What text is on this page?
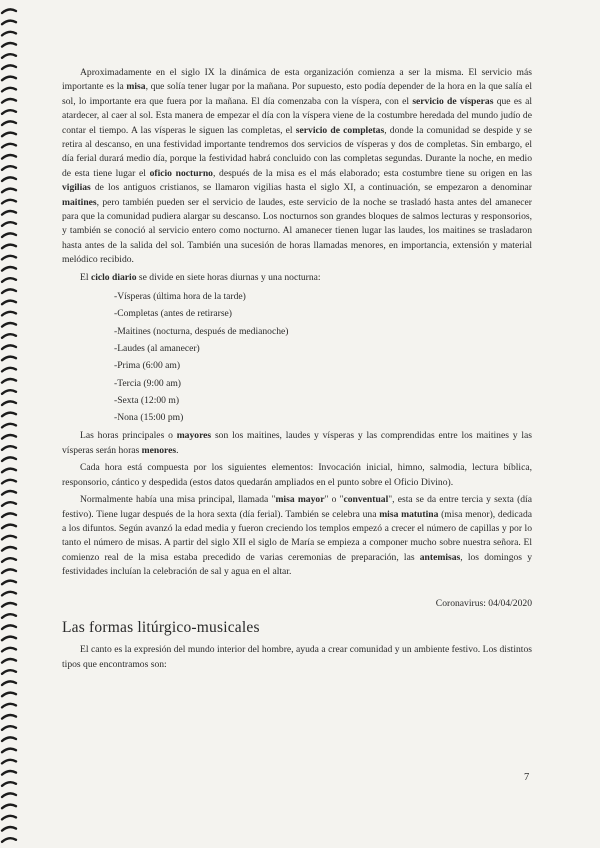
Aproximadamente en el siglo IX la dinámica de esta organización comienza a ser la misma. El servicio más importante es la misa, que solía tener lugar por la mañana. Por supuesto, esto podía depender de la hora en la que salía el sol, lo importante era que fuera por la mañana. El día comenzaba con la víspera, con el servicio de vísperas que es al atardecer, al caer al sol. Esta manera de empezar el día con la víspera viene de la costumbre heredada del mundo judío de contar el tiempo. A las vísperas le siguen las completas, el servicio de completas, donde la comunidad se despide y se retira al descanso, en una festividad importante tendremos dos servicios de vísperas y dos de completas. Sin embargo, el día ferial durará medio día, porque la festividad habrá concluido con las completas segundas. Durante la noche, en medio de esta tiene lugar el oficio nocturno, después de la misa es el más elaborado; esta costumbre tiene su origen en las vigilias de los antiguos cristianos, se llamaron vigilias hasta el siglo XI, a continuación, se empezaron a denominar maitines, pero también pueden ser el servicio de laudes, este servicio de la noche se trasladó hasta antes del amanecer para que la comunidad pudiera alargar su descanso. Los nocturnos son grandes bloques de salmos lecturas y responsorios, y también se conoció al servicio entero como nocturno. Al amanecer tienen lugar las laudes, los maitines se trasladaron hasta antes de la salida del sol. También una sucesión de horas llamadas menores, en importancia, extensión y material melódico recibido.

El ciclo diario se divide en siete horas diurnas y una nocturna:

-Vísperas (última hora de la tarde)
-Completas (antes de retirarse)
-Maitines (nocturna, después de medianoche)
-Laudes (al amanecer)
-Prima (6:00 am)
-Tercia (9:00 am)
-Sexta (12:00 m)
-Nona (15:00 pm)

Las horas principales o mayores son los maitines, laudes y vísperas y las comprendidas entre los maitines y las vísperas serán horas menores.

Cada hora está compuesta por los siguientes elementos: Invocación inicial, himno, salmodia, lectura bíblica, responsorio, cántico y despedida (estos datos quedarán ampliados en el punto sobre el Oficio Divino).

Normalmente había una misa principal, llamada "misa mayor" o "conventual", esta se da entre tercia y sexta (día festivo). Tiene lugar después de la hora sexta (día ferial). También se celebra una misa matutina (misa menor), dedicada a los difuntos. Según avanzó la edad media y fueron creciendo los templos empezó a crecer el número de capillas y por lo tanto el número de misas. A partir del siglo XII el siglo de María se empieza a componer mucho sobre nuestra señora. El comienzo real de la misa estaba precedido de varias ceremonias de preparación, las antemisas, los domingos y festividades incluían la celebración de sal y agua en el altar.

Coronavirus: 04/04/2020

Las formas litúrgico-musicales

El canto es la expresión del mundo interior del hombre, ayuda a crear comunidad y un ambiente festivo. Los distintos tipos que encontramos son:

7
